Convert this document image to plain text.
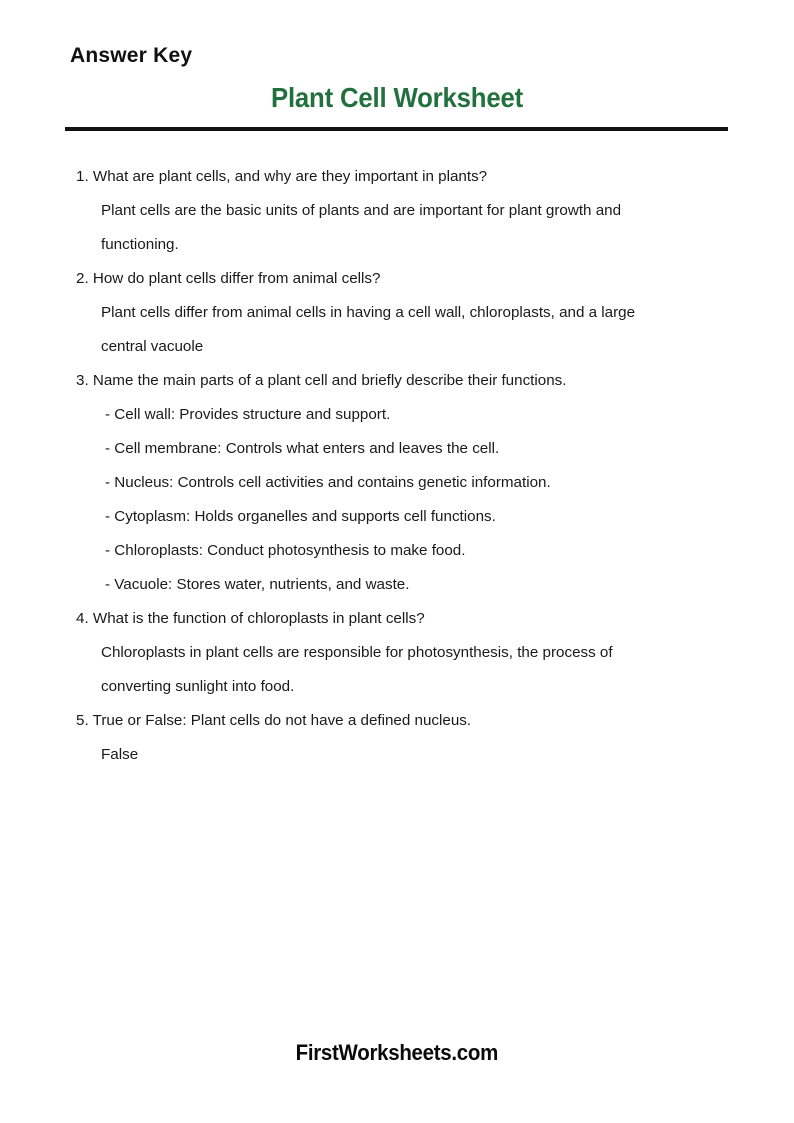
Answer Key
Plant Cell Worksheet
1. What are plant cells, and why are they important in plants?
Plant cells are the basic units of plants and are important for plant growth and
functioning.
2. How do plant cells differ from animal cells?
Plant cells differ from animal cells in having a cell wall, chloroplasts, and a large
central vacuole
3. Name the main parts of a plant cell and briefly describe their functions.
- Cell wall: Provides structure and support.
- Cell membrane: Controls what enters and leaves the cell.
- Nucleus: Controls cell activities and contains genetic information.
- Cytoplasm: Holds organelles and supports cell functions.
- Chloroplasts: Conduct photosynthesis to make food.
- Vacuole: Stores water, nutrients, and waste.
4. What is the function of chloroplasts in plant cells?
Chloroplasts in plant cells are responsible for photosynthesis, the process of
converting sunlight into food.
5. True or False: Plant cells do not have a defined nucleus.
False
FirstWorksheets.com
